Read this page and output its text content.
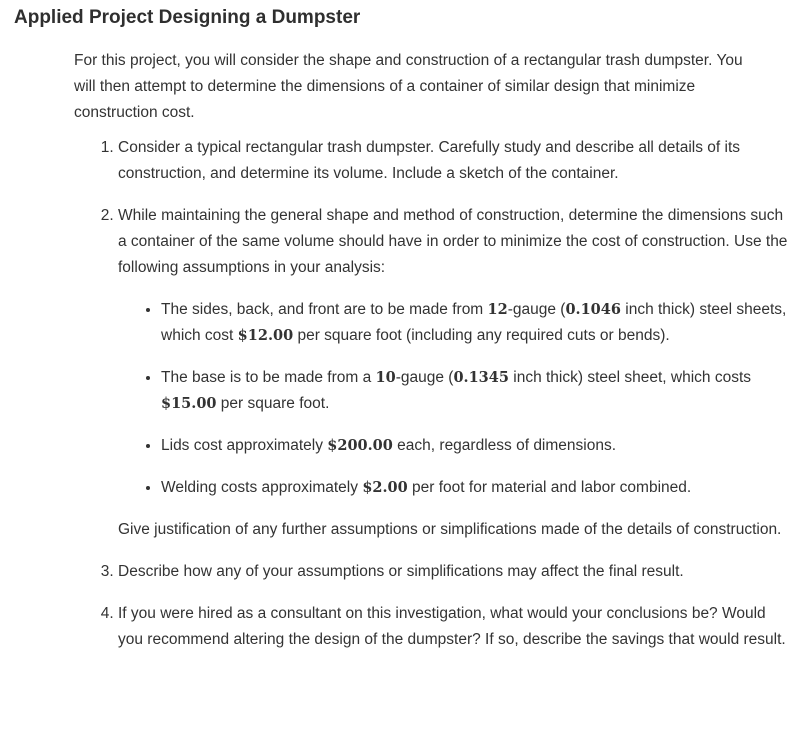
Applied Project Designing a Dumpster

For this project, you will consider the shape and construction of a rectangular trash dumpster. You will then attempt to determine the dimensions of a container of similar design that minimize construction cost.

1. Consider a typical rectangular trash dumpster. Carefully study and describe all details of its construction, and determine its volume. Include a sketch of the container.
2. While maintaining the general shape and method of construction, determine the dimensions such a container of the same volume should have in order to minimize the cost of construction. Use the following assumptions in your analysis:
• The sides, back, and front are to be made from 12-gauge (0.1046 inch thick) steel sheets, which cost $12.00 per square foot (including any required cuts or bends).
• The base is to be made from a 10-gauge (0.1345 inch thick) steel sheet, which costs $15.00 per square foot.
• Lids cost approximately $200.00 each, regardless of dimensions.
• Welding costs approximately $2.00 per foot for material and labor combined.

Give justification of any further assumptions or simplifications made of the details of construction.

3. Describe how any of your assumptions or simplifications may affect the final result.
4. If you were hired as a consultant on this investigation, what would your conclusions be? Would you recommend altering the design of the dumpster? If so, describe the savings that would result.
